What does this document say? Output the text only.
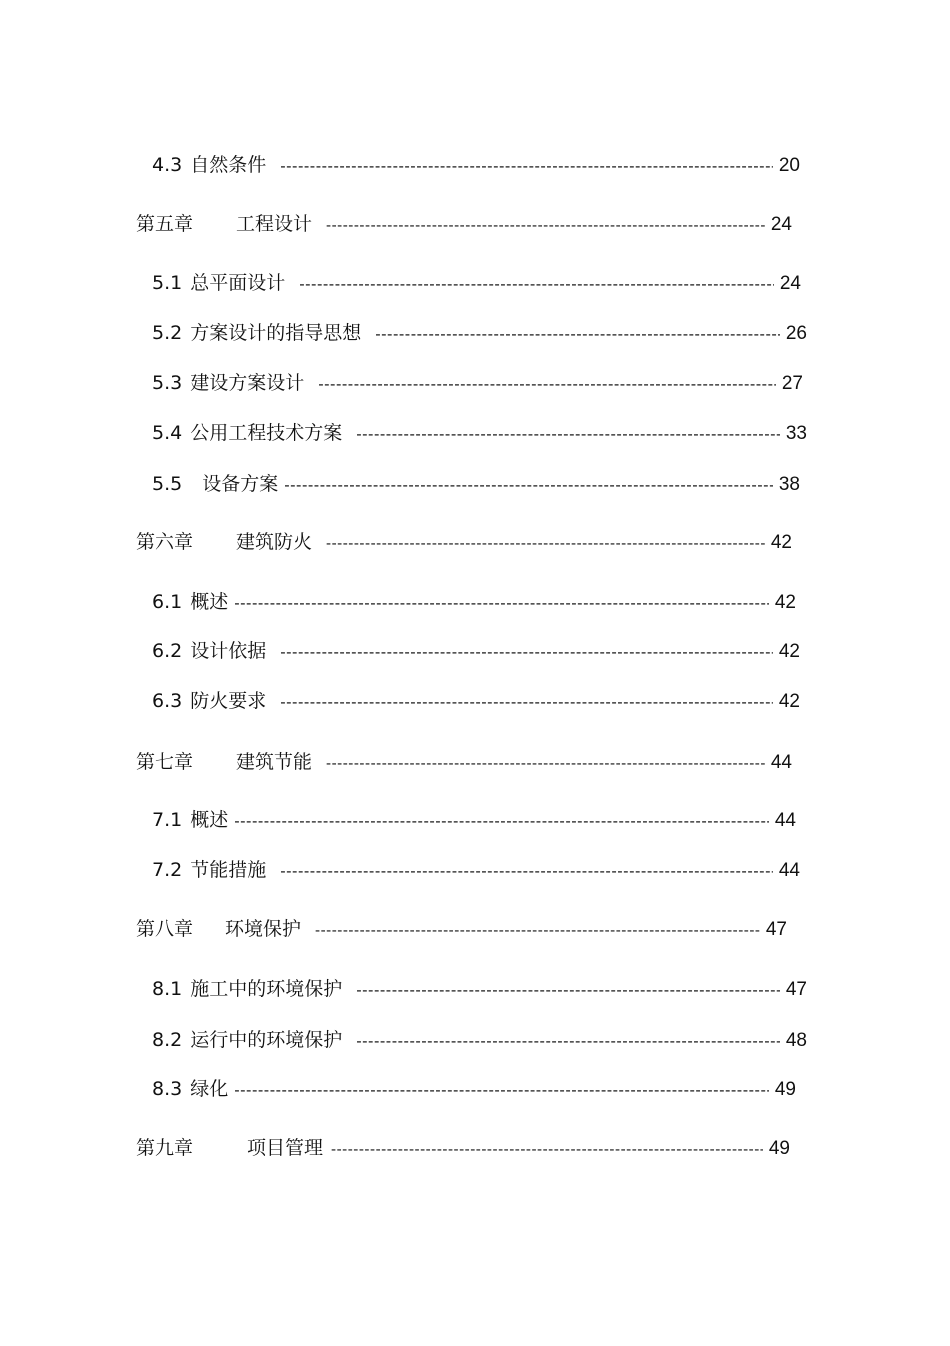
4.3 自然条件 -----	20
第五章	工程设计 -----	24
5.1 总平面设计 -----	24
5.2 方案设计的指导思想 -----	26
5.3 建设方案设计 -----	27
5.4 公用工程技术方案 -----	33
5.5 设备方案 -----	38
第六章	建筑防火 -----	42
6.1 概述 -----	42
6.2 设计依据 -----	42
6.3 防火要求 -----	42
第七章	建筑节能 -----	44
7.1 概述 -----	44
7.2 节能措施 -----	44
第八章	环境保护 -----	47
8.1 施工中的环境保护 -----	47
8.2 运行中的环境保护 -----	48
8.3 绿化 -----	49
第九章	项目管理 -----	49
